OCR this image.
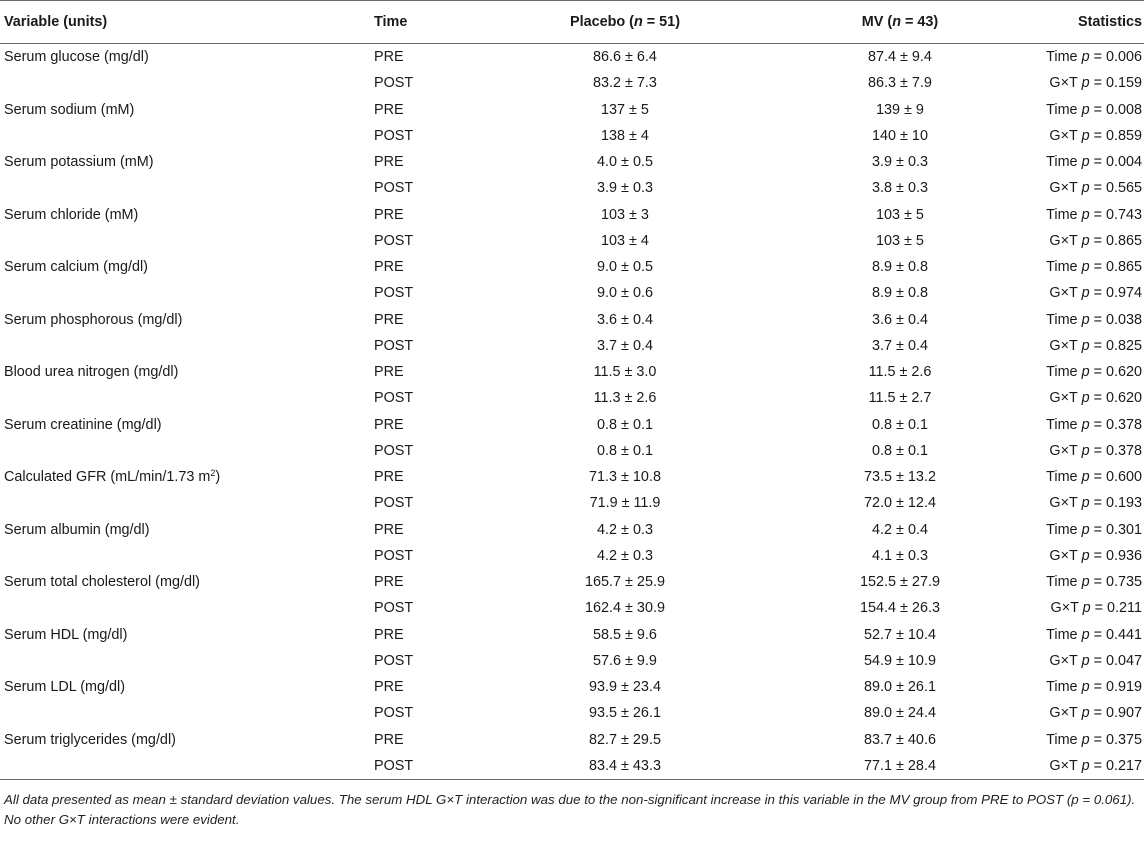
Variable (units)	Time	Placebo (n = 51)	MV (n = 43)	Statistics
Serum glucose (mg/dl)	PRE	86.6 ± 6.4	87.4 ± 9.4	Time p = 0.006
	POST	83.2 ± 7.3	86.3 ± 7.9	G×T p = 0.159
Serum sodium (mM)	PRE	137 ± 5	139 ± 9	Time p = 0.008
	POST	138 ± 4	140 ± 10	G×T p = 0.859
Serum potassium (mM)	PRE	4.0 ± 0.5	3.9 ± 0.3	Time p = 0.004
	POST	3.9 ± 0.3	3.8 ± 0.3	G×T p = 0.565
Serum chloride (mM)	PRE	103 ± 3	103 ± 5	Time p = 0.743
	POST	103 ± 4	103 ± 5	G×T p = 0.865
Serum calcium (mg/dl)	PRE	9.0 ± 0.5	8.9 ± 0.8	Time p = 0.865
	POST	9.0 ± 0.6	8.9 ± 0.8	G×T p = 0.974
Serum phosphorous (mg/dl)	PRE	3.6 ± 0.4	3.6 ± 0.4	Time p = 0.038
	POST	3.7 ± 0.4	3.7 ± 0.4	G×T p = 0.825
Blood urea nitrogen (mg/dl)	PRE	11.5 ± 3.0	11.5 ± 2.6	Time p = 0.620
	POST	11.3 ± 2.6	11.5 ± 2.7	G×T p = 0.620
Serum creatinine (mg/dl)	PRE	0.8 ± 0.1	0.8 ± 0.1	Time p = 0.378
	POST	0.8 ± 0.1	0.8 ± 0.1	G×T p = 0.378
Calculated GFR (mL/min/1.73 $m^2$)	PRE	71.3 ± 10.8	73.5 ± 13.2	Time p = 0.600
	POST	71.9 ± 11.9	72.0 ± 12.4	G×T p = 0.193
Serum albumin (mg/dl)	PRE	4.2 ± 0.3	4.2 ± 0.4	Time p = 0.301
	POST	4.2 ± 0.3	4.1 ± 0.3	G×T p = 0.936
Serum total cholesterol (mg/dl)	PRE	165.7 ± 25.9	152.5 ± 27.9	Time p = 0.735
	POST	162.4 ± 30.9	154.4 ± 26.3	G×T p = 0.211
Serum HDL (mg/dl)	PRE	58.5 ± 9.6	52.7 ± 10.4	Time p = 0.441
	POST	57.6 ± 9.9	54.9 ± 10.9	G×T p = 0.047
Serum LDL (mg/dl)	PRE	93.9 ± 23.4	89.0 ± 26.1	Time p = 0.919
	POST	93.5 ± 26.1	89.0 ± 24.4	G×T p = 0.907
Serum triglycerides (mg/dl)	PRE	82.7 ± 29.5	83.7 ± 40.6	Time p = 0.375
	POST	83.4 ± 43.3	77.1 ± 28.4	G×T p = 0.217
All data presented as mean ± standard deviation values. The serum HDL G×T interaction was due to the non-significant increase in this variable in the MV group from PRE to POST (p = 0.061). No other G×T interactions were evident.
